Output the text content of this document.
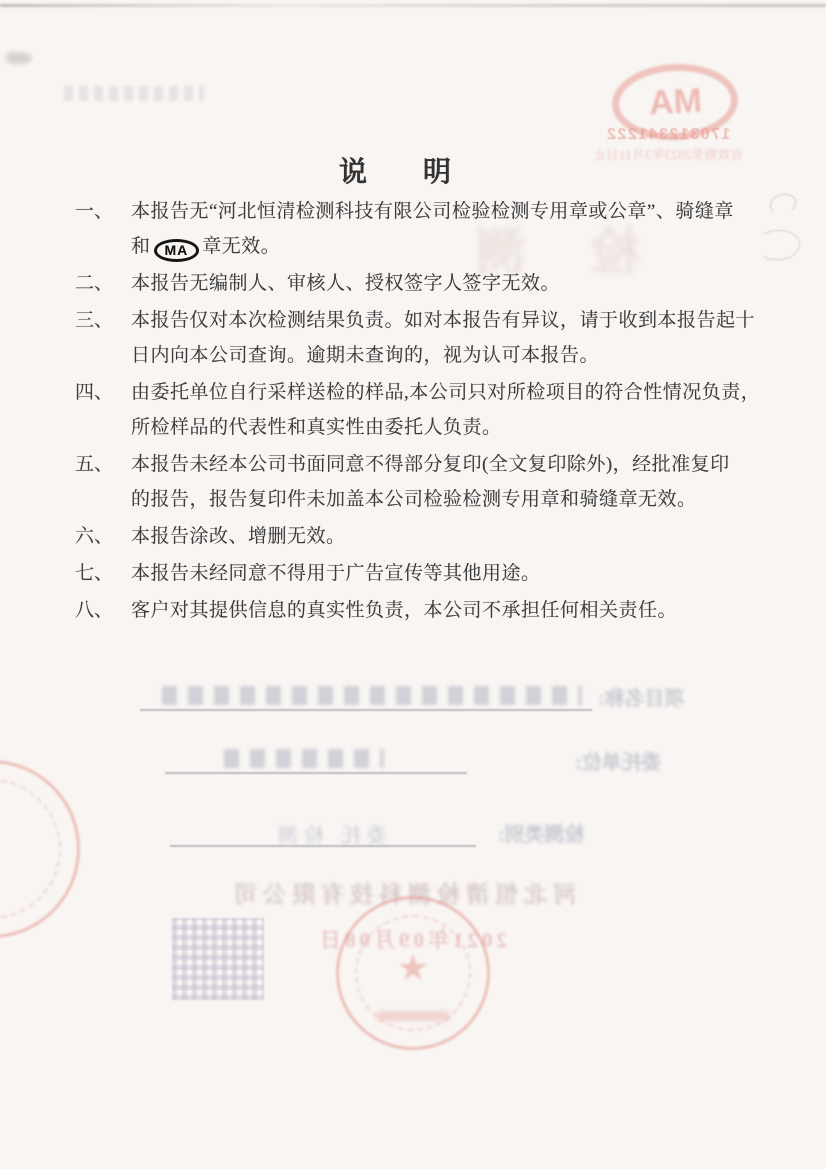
MA
170312341222
有效期至2023年3月11日止
检 测
项目名称:
委托单位:
检测类别:
委托 检测
河北恒清检测科技有限公司
2021年09月08日
★
说　　明
一、 本报告无“河北恒清检测科技有限公司检验检测专用章或公章”、骑缝章
和 MA 章无效。
二、 本报告无编制人、审核人、授权签字人签字无效。
三、 本报告仅对本次检测结果负责。如对本报告有异议，请于收到本报告起十
日内向本公司查询。逾期未查询的，视为认可本报告。
四、 由委托单位自行采样送检的样品,本公司只对所检项目的符合性情况负责，
所检样品的代表性和真实性由委托人负责。
五、 本报告未经本公司书面同意不得部分复印(全文复印除外)，经批准复印
的报告，报告复印件未加盖本公司检验检测专用章和骑缝章无效。
六、 本报告涂改、增删无效。
七、 本报告未经同意不得用于广告宣传等其他用途。
八、 客户对其提供信息的真实性负责，本公司不承担任何相关责任。
